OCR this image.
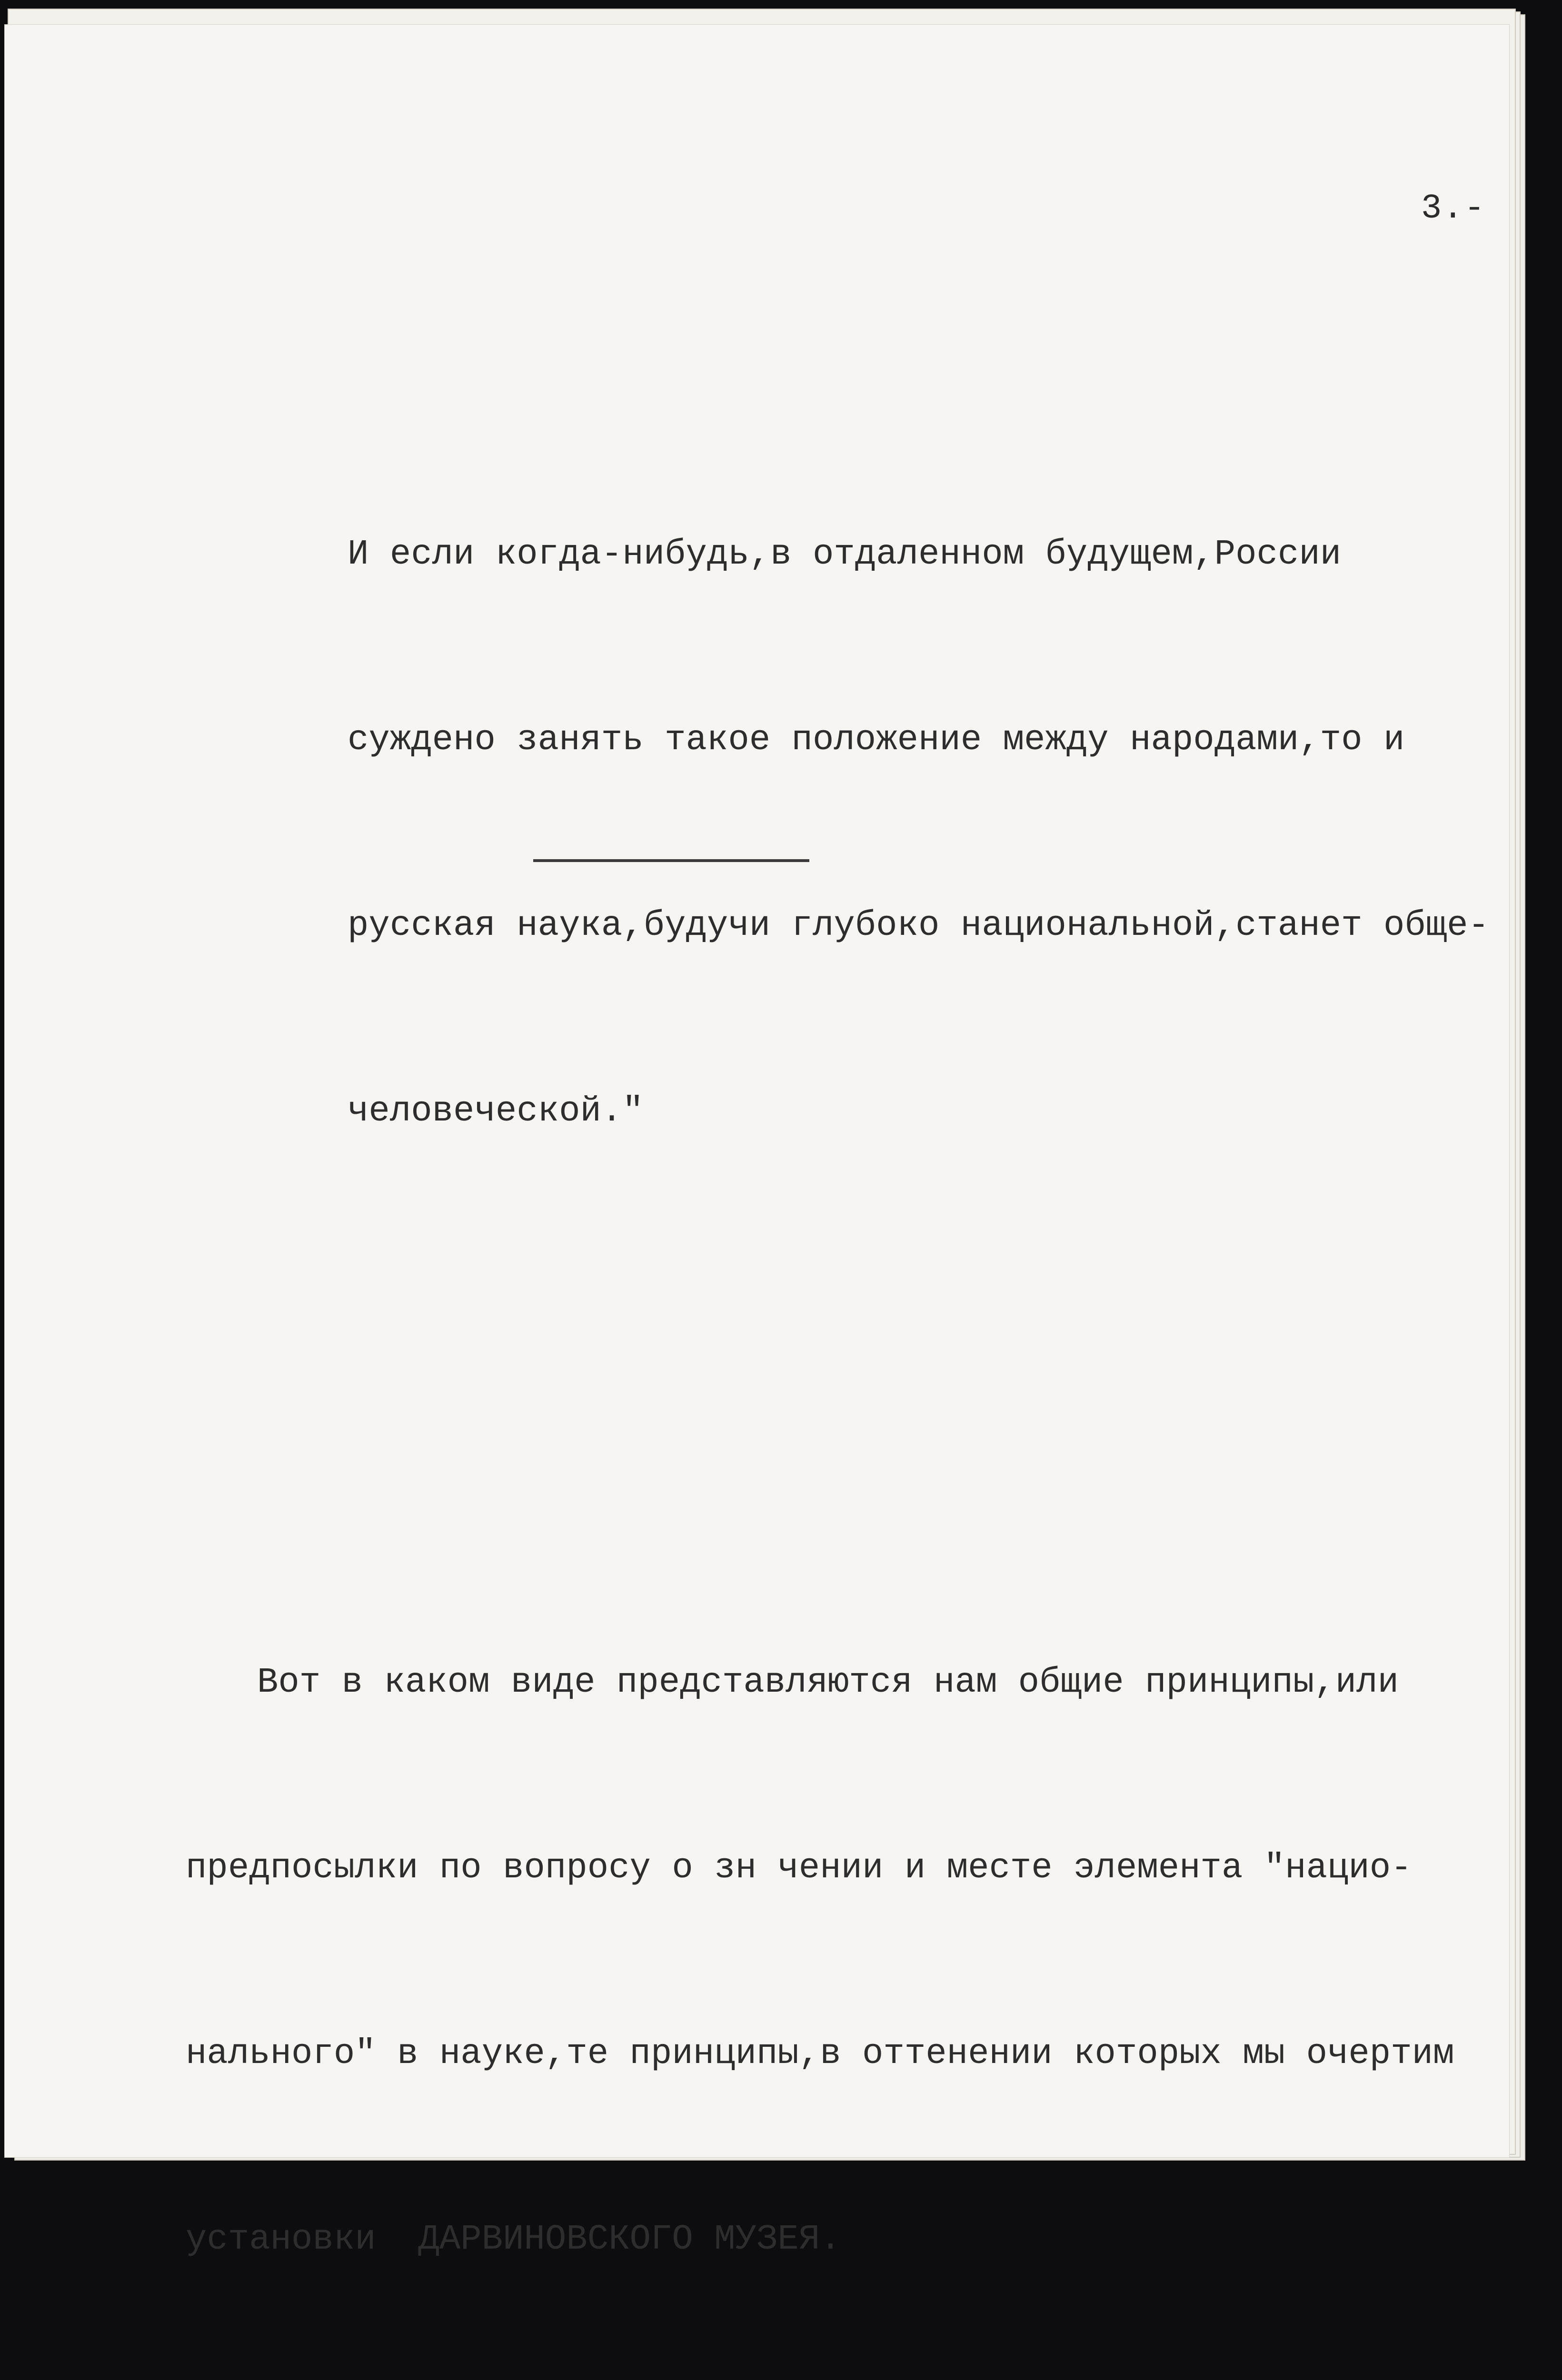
3.-

И если когда-нибудь,в отдаленном будущем,России

суждено занять такое положение между народами,то и

русская наука,будучи глубоко национальной,станет обще-

человеческой."

Вот в каком виде представляются нам общие принципы,или

предпосылки по вопросу о зн чении и месте элемента "нацио-

нального" в науке,те принципы,в оттенении которых мы очертим

установки  ДАРВИНОВСКОГО МУЗЕЯ.
